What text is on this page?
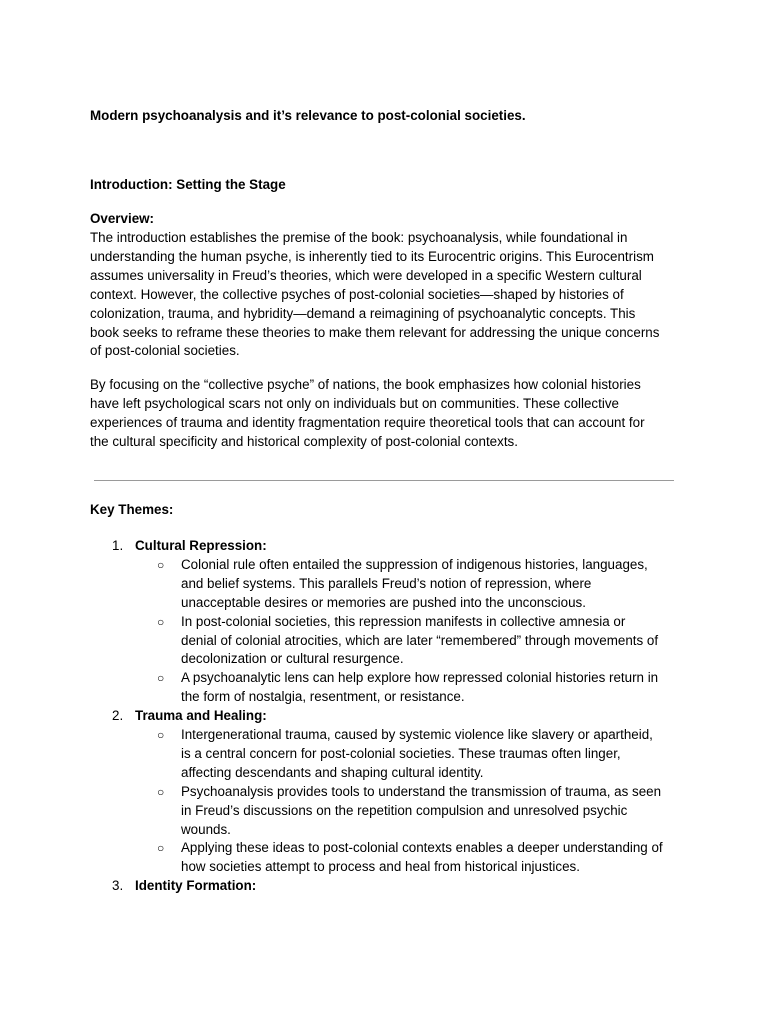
Modern psychoanalysis and it’s relevance to post-colonial societies.
Introduction: Setting the Stage
Overview:
The introduction establishes the premise of the book: psychoanalysis, while foundational in
understanding the human psyche, is inherently tied to its Eurocentric origins. This Eurocentrism
assumes universality in Freud’s theories, which were developed in a specific Western cultural
context. However, the collective psyches of post-colonial societies—shaped by histories of
colonization, trauma, and hybridity—demand a reimagining of psychoanalytic concepts. This
book seeks to reframe these theories to make them relevant for addressing the unique concerns
of post-colonial societies.
By focusing on the “collective psyche” of nations, the book emphasizes how colonial histories
have left psychological scars not only on individuals but on communities. These collective
experiences of trauma and identity fragmentation require theoretical tools that can account for
the cultural specificity and historical complexity of post-colonial contexts.
Key Themes:
1. Cultural Repression:
○ Colonial rule often entailed the suppression of indigenous histories, languages,
and belief systems. This parallels Freud’s notion of repression, where
unacceptable desires or memories are pushed into the unconscious.
○ In post-colonial societies, this repression manifests in collective amnesia or
denial of colonial atrocities, which are later “remembered” through movements of
decolonization or cultural resurgence.
○ A psychoanalytic lens can help explore how repressed colonial histories return in
the form of nostalgia, resentment, or resistance.
2. Trauma and Healing:
○ Intergenerational trauma, caused by systemic violence like slavery or apartheid,
is a central concern for post-colonial societies. These traumas often linger,
affecting descendants and shaping cultural identity.
○ Psychoanalysis provides tools to understand the transmission of trauma, as seen
in Freud’s discussions on the repetition compulsion and unresolved psychic
wounds.
○ Applying these ideas to post-colonial contexts enables a deeper understanding of
how societies attempt to process and heal from historical injustices.
3. Identity Formation:
